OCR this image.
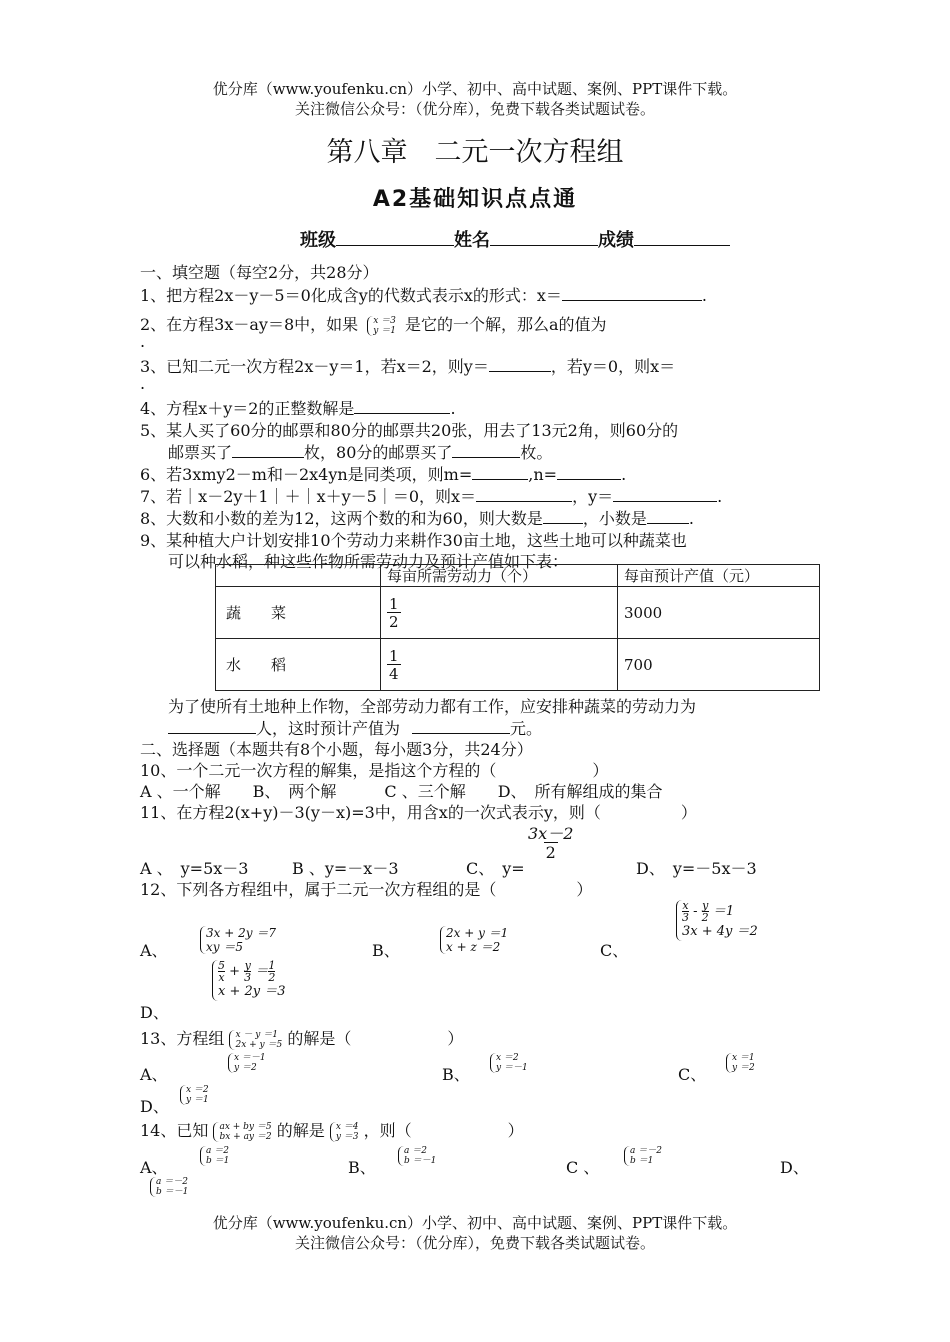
优分库（www.youfenku.cn）小学、初中、高中试题、案例、PPT课件下载。
关注微信公众号：（优分库），免费下载各类试题试卷。
第八章　二元一次方程组
A2基础知识点点通
班级	姓名	成绩
一、填空题（每空2分，共28分）
1、把方程2x－y－5＝0化成含y的代数式表示x的形式：x＝	.
2、在方程3x－ay＝8中，如果 x ＝3
y ＝1 是它的一个解，那么a的值为
.
3、已知二元一次方程2x－y＝1，若x＝2，则y＝	，若y＝0，则x＝
.
4、方程x＋y＝2的正整数解是	.
5、某人买了60分的邮票和80分的邮票共20张，用去了13元2角，则60分的
邮票买了	枚，80分的邮票买了	枚。
6、若3xmy2－m和－2x4yn是同类项，则m=	,n=	.
7、若｜x－2y＋1｜＋｜x＋y－5｜＝0，则x＝	，y＝	.
8、大数和小数的差为12，这两个数的和为60，则大数是	，小数是	.
9、某种植大户计划安排10个劳动力来耕作30亩土地，这些土地可以种蔬菜也
可以种水稻，种这些作物所需劳动力及预计产值如下表：
	每亩所需劳动力（个）	每亩预计产值（元）
蔬　　菜	$\frac{1}{2}$	3000
水　　稻	$\frac{1}{4}$	700
为了使所有土地种上作物，全部劳动力都有工作，应安排种蔬菜的劳动力为
人，这时预计产值为	元。
二、选择题（本题共有8个小题，每小题3分，共24分）
10、一个二元一次方程的解集，是指这个方程的（　　　　　　）
A 、一个解　　B、　两个解　　　C 、三个解　　D、　所有解组成的集合
11、在方程2(x+y)－3(y－x)=3中，用含x的一次式表示y，则（　　　　　）
$\frac{3x-2}{2}$
A 、　y=5x－3	B 、y=－x－3	C、　y=	D、　y=－5x－3
12、下列各方程组中，属于二元一次方程组的是（　　　　　）
A、
3x + 2y ＝7
xy ＝5	B、
2x + y ＝1
x + z ＝2	C、
$\frac{x}{3} - \frac{y}{2} =1$
3x + 4y ＝2
$\frac{5}{x} + \frac{y}{3} = \frac{1}{2}$
x + 2y ＝3
D、
13、方程组 x － y ＝1
2x + y ＝5 的解是（　　　　　　）
A、
x ＝－1
y ＝2	B、
x ＝2
y ＝－1	C、
x ＝1
y ＝2
D、
x ＝2
y ＝1
14、已知 ax + by ＝5
bx + ay ＝2 的解是 x ＝4
y ＝3 ，则（　　　　　　）
A、
a ＝2
b ＝1	B、
a ＝2
b ＝－1	C 、
a ＝－2
b ＝1	D、
a ＝－2
b ＝－1
优分库（www.youfenku.cn）小学、初中、高中试题、案例、PPT课件下载。
关注微信公众号：（优分库），免费下载各类试题试卷。
